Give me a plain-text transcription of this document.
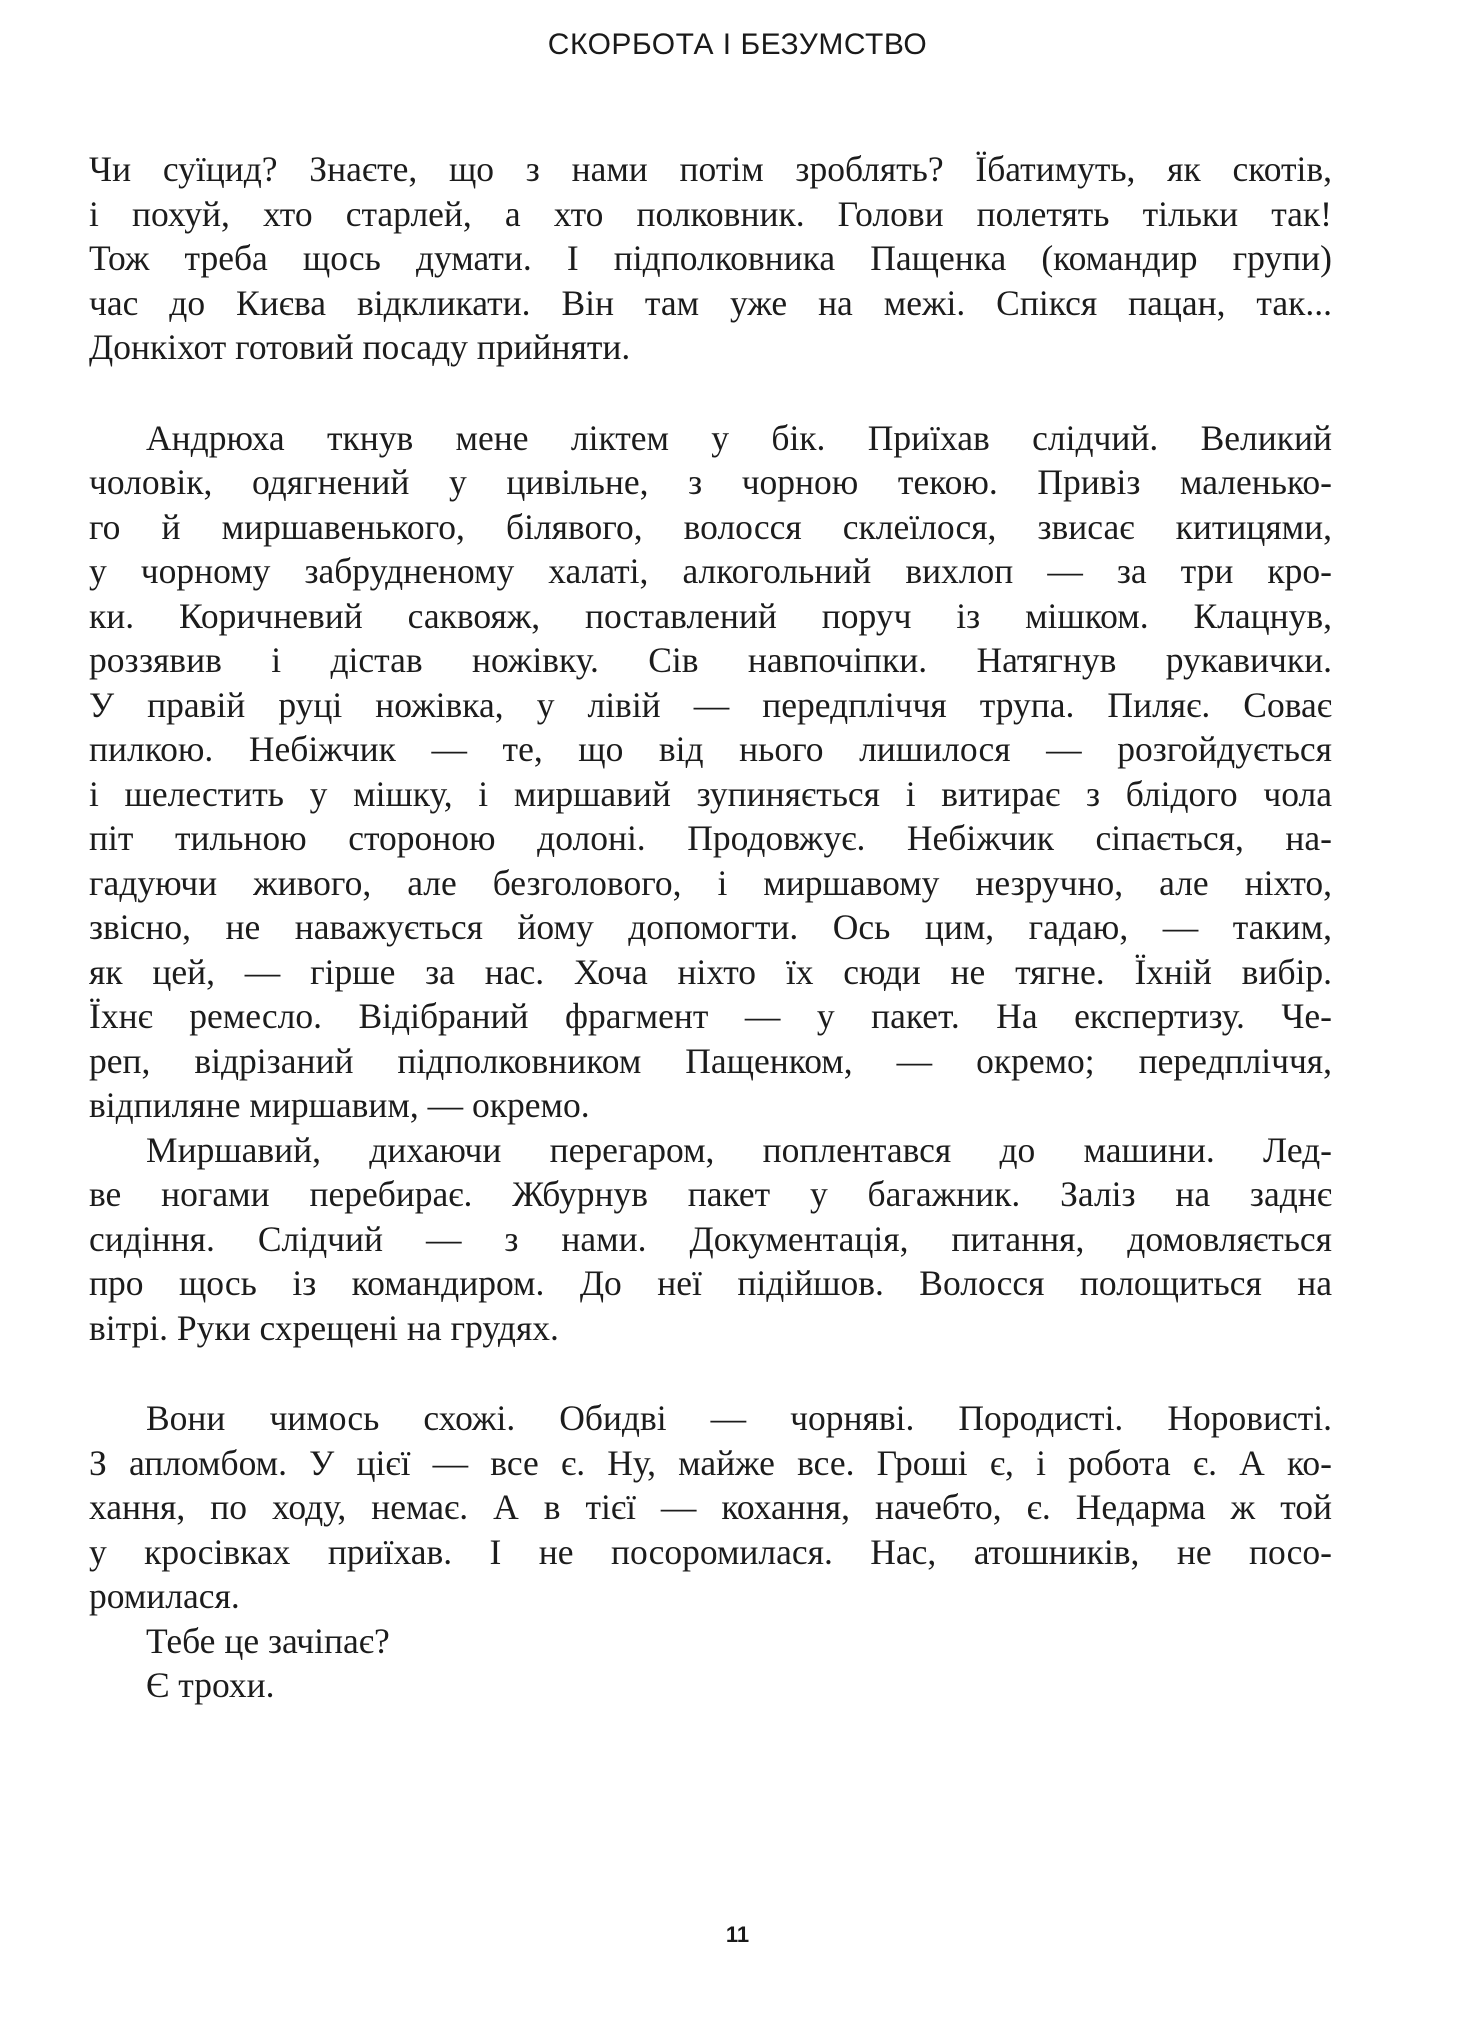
СКОРБОТА І БЕЗУМСТВО
Чи суїцид? Знаєте, що з нами потім зроблять? Їбатимуть, як скотів,
і похуй, хто старлей, а хто полковник. Голови полетять тільки так!
Тож треба щось думати. І підполковника Пащенка (командир групи)
час до Києва відкликати. Він там уже на межі. Спікся пацан, так...
Донкіхот готовий посаду прийняти.
Андрюха ткнув мене ліктем у бік. Приїхав слідчий. Великий
чоловік, одягнений у цивільне, з чорною текою. Привіз маленько-
го й миршавенького, білявого, волосся склеїлося, звисає китицями,
у чорному забрудненому халаті, алкогольний вихлоп — за три кро-
ки. Коричневий саквояж, поставлений поруч із мішком. Клацнув,
роззявив і дістав ножівку. Сів навпочіпки. Натягнув рукавички.
У правій руці ножівка, у лівій — передпліччя трупа. Пиляє. Соває
пилкою. Небіжчик — те, що від нього лишилося — розгойдується
і шелестить у мішку, і миршавий зупиняється і витирає з блідого чола
піт тильною стороною долоні. Продовжує. Небіжчик сіпається, на-
гадуючи живого, але безголового, і миршавому незручно, але ніхто,
звісно, не наважується йому допомогти. Ось цим, гадаю, — таким,
як цей, — гірше за нас. Хоча ніхто їх сюди не тягне. Їхній вибір.
Їхнє ремесло. Відібраний фрагмент — у пакет. На експертизу. Че-
реп, відрізаний підполковником Пащенком, — окремо; передпліччя,
відпиляне миршавим, — окремо.
Миршавий, дихаючи перегаром, поплентався до машини. Лед-
ве ногами перебирає. Жбурнув пакет у багажник. Заліз на заднє
сидіння. Слідчий — з нами. Документація, питання, домовляється
про щось із командиром. До неї підійшов. Волосся полощиться на
вітрі. Руки схрещені на грудях.
Вони чимось схожі. Обидві — чорняві. Породисті. Норовисті.
З апломбом. У цієї — все є. Ну, майже все. Гроші є, і робота є. А ко-
хання, по ходу, немає. А в тієї — кохання, начебто, є. Недарма ж той
у кросівках приїхав. І не посоромилася. Нас, атошників, не посо-
ромилася.
Тебе це зачіпає?
Є трохи.
11
